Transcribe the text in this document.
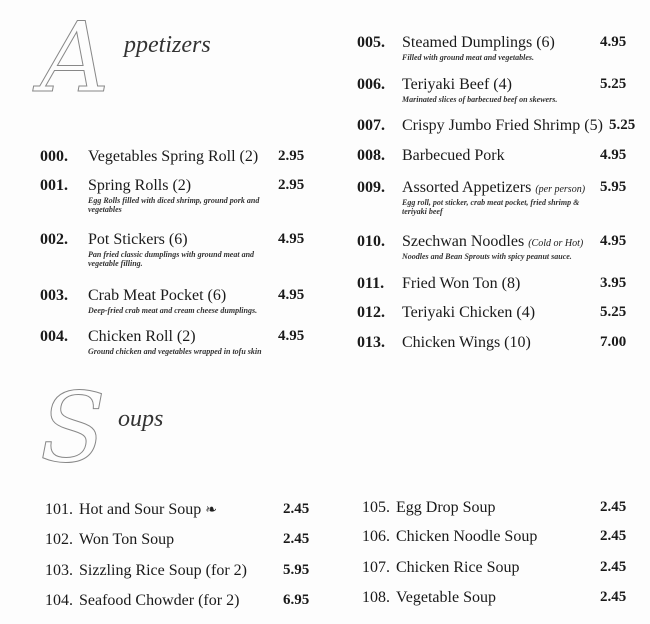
A ppetizers
S oups
000. Vegetables Spring Roll (2) 2.95
001. Spring Rolls (2)	2.95
Egg Rolls filled with diced shrimp, ground pork and vegetables
002. Pot Stickers (6)	4.95
Pan fried classic dumplings with ground meat and vegetable filling.
003. Crab Meat Pocket (6)	4.95
Deep-fried crab meat and cream cheese dumplings.
004. Chicken Roll (2)	4.95
Ground chicken and vegetables wrapped in tofu skin
005. Steamed Dumplings (6)	4.95
Filled with ground meat and vegetables.
006. Teriyaki Beef (4)	5.25
Marinated slices of barbecued beef on skewers.
007. Crispy Jumbo Fried Shrimp (5) 5.25
008. Barbecued Pork	4.95
009. Assorted Appetizers (per person) 5.95
Egg roll, pot sticker, crab meat pocket, fried shrimp & teriyaki beef
010. Szechwan Noodles (Cold or Hot) 4.95
Noodles and Bean Sprouts with spicy peanut sauce.
011. Fried Won Ton (8)	3.95
012. Teriyaki Chicken (4)	5.25
013. Chicken Wings (10)	7.00
101. Hot and Sour Soup ❧	2.45
102. Won Ton Soup	2.45
103. Sizzling Rice Soup (for 2) 5.95
104. Seafood Chowder (for 2)	6.95
105. Egg Drop Soup	2.45
106. Chicken Noodle Soup	2.45
107. Chicken Rice Soup	2.45
108. Vegetable Soup	2.45
